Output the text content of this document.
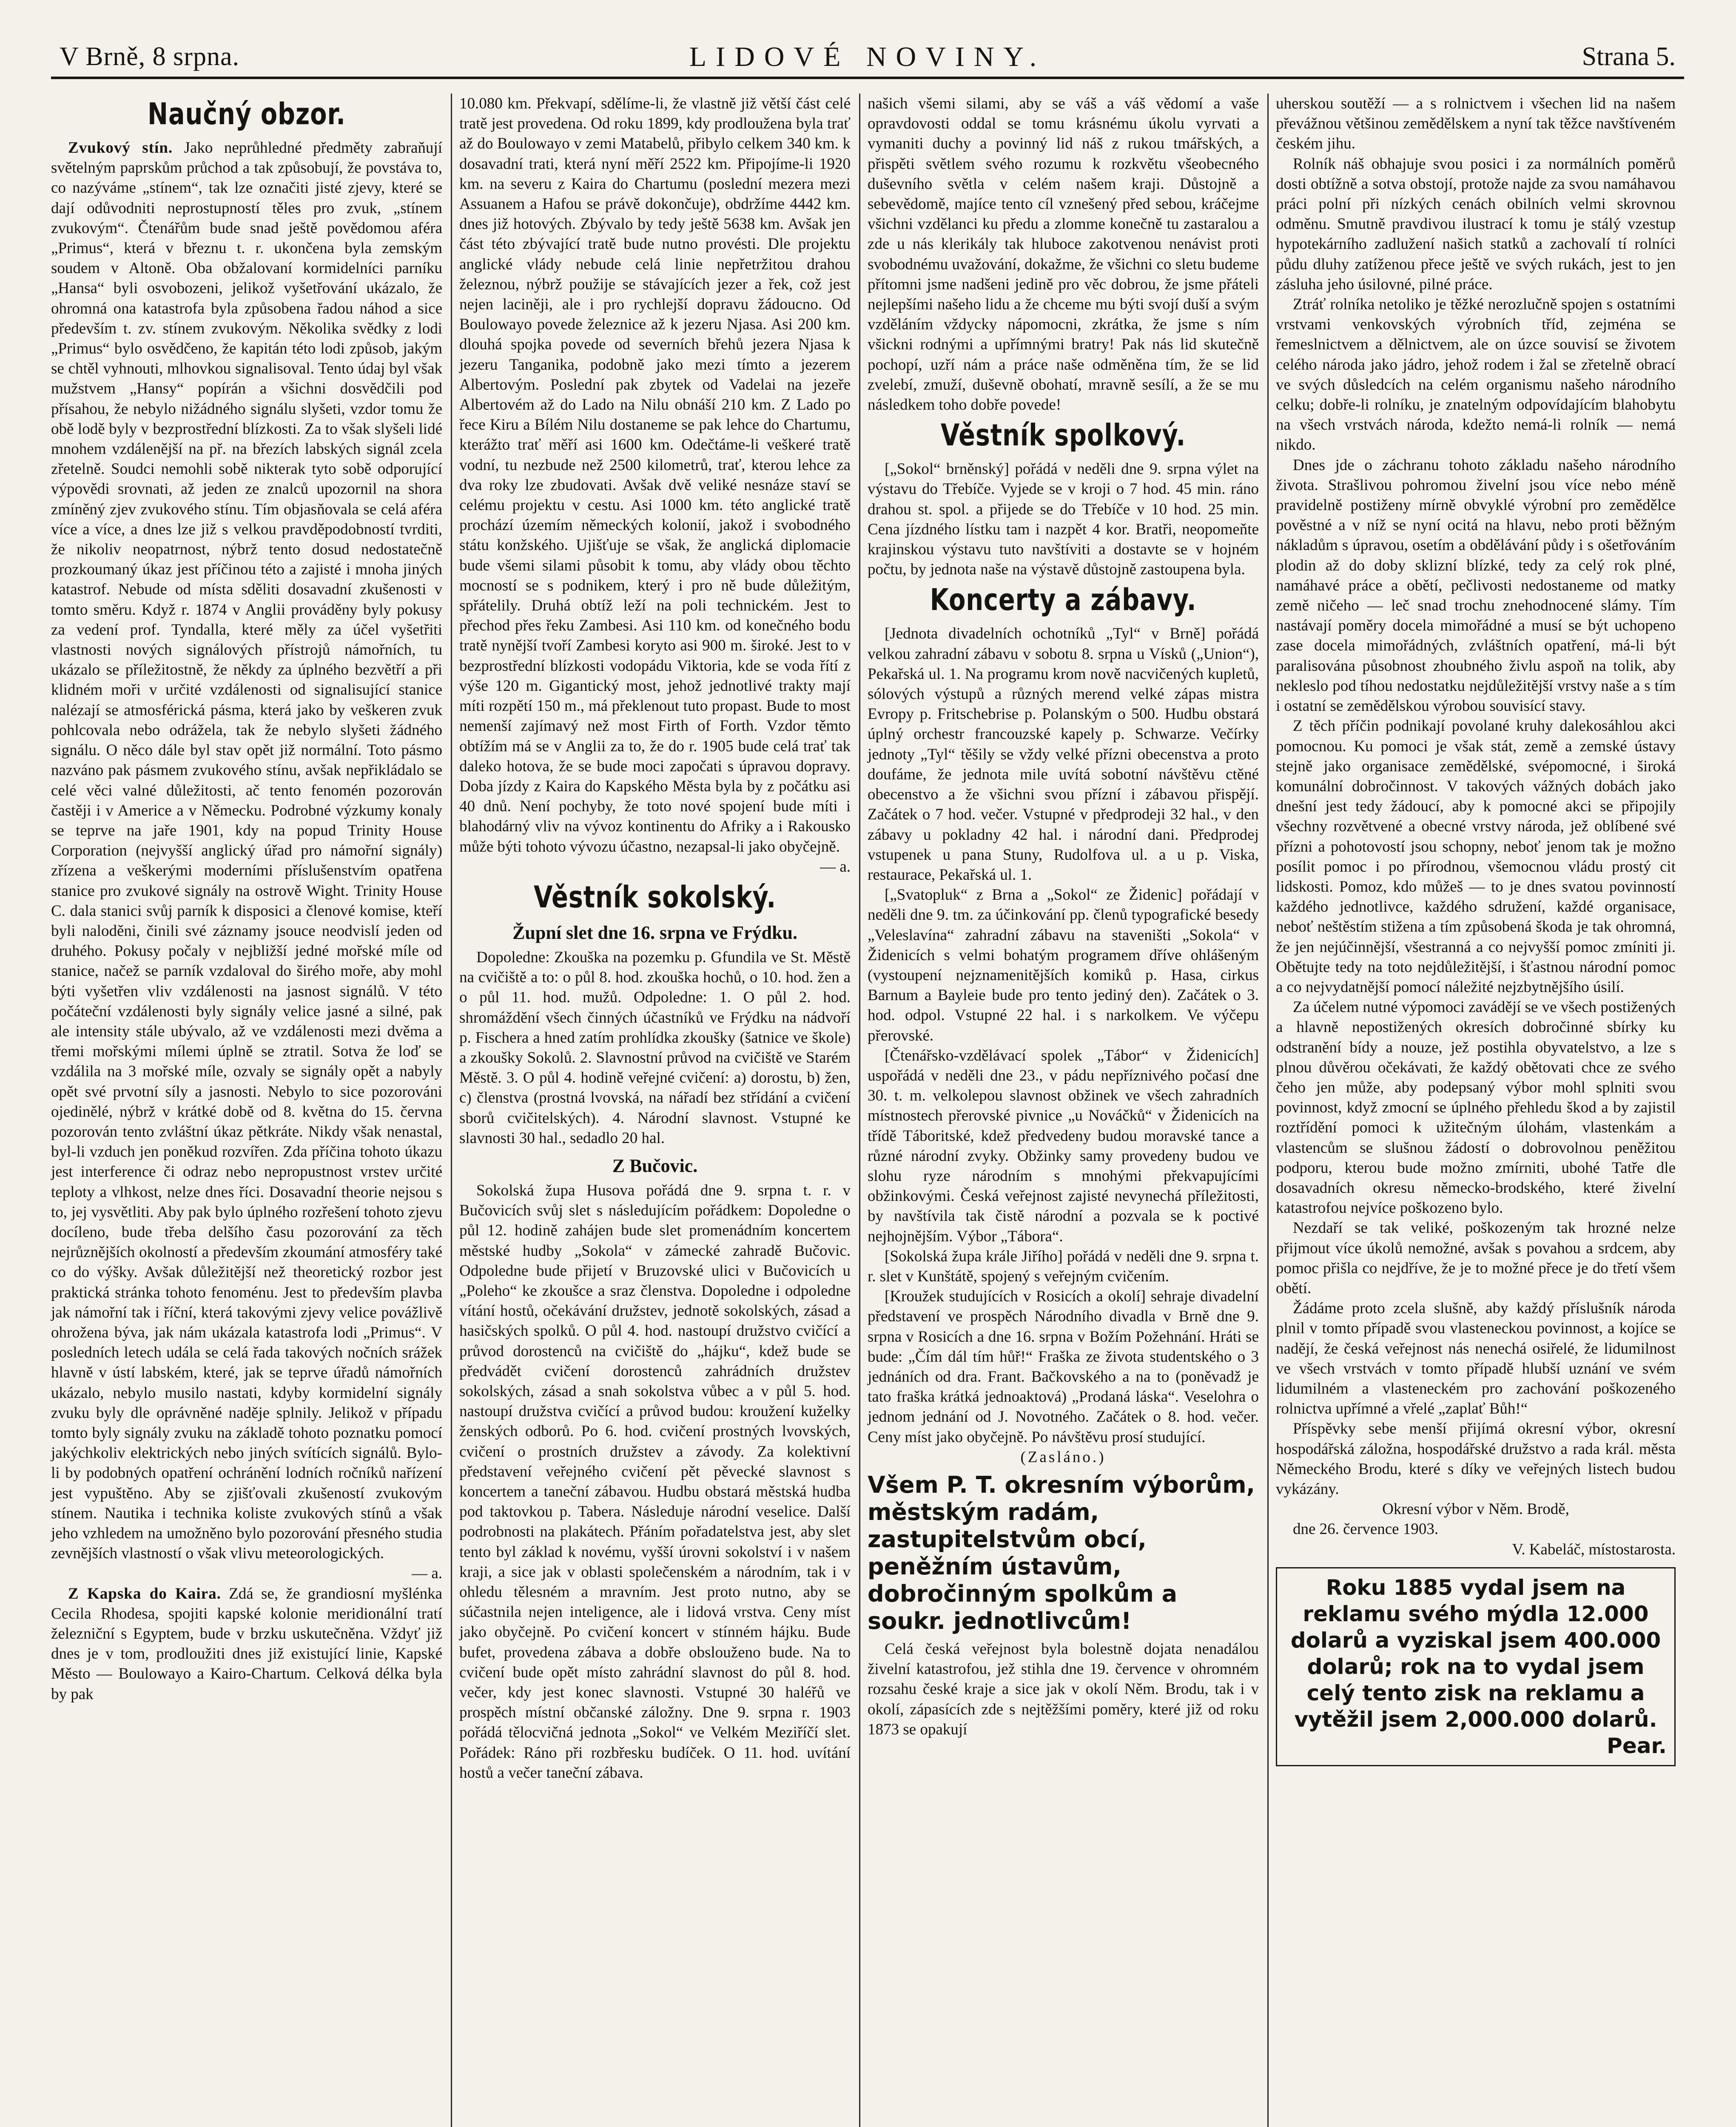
V Brně, 8 srpna.	LIDOVÉ NOVINY.	Strana 5.
Naučný obzor.

Zvukový stín. Jako neprůhledné předměty zabraňují světelným paprskům průchod a tak způsobují, že povstáva to, co nazýváme „stínem“, tak lze označiti jisté zjevy, které se dají odůvodniti neprostupností těles pro zvuk, „stínem zvukovým“. Čtenářům bude snad ještě povědomou aféra „Primus“, která v březnu t. r. ukončena byla zemským soudem v Altoně. Oba obžalovaní kormidelníci parníku „Hansa“ byli osvobozeni, jelikož vyšetřování ukázalo, že ohromná ona katastrofa byla způsobena řadou náhod a sice především t. zv. stínem zvukovým. Několika svědky z lodi „Primus“ bylo osvědčeno, že kapitán této lodi způsob, jakým se chtěl vyhnouti, mlhovkou signalisoval. Tento údaj byl však mužstvem „Hansy“ popírán a všichni dosvědčili pod přísahou, že nebylo nižádného signálu slyšeti, vzdor tomu že obě lodě byly v bezprostřední blízkosti. Za to však slyšeli lidé mnohem vzdálenější na př. na březích labských signál zcela zřetelně. Soudci nemohli sobě nikterak tyto sobě odporující výpovědi srovnati, až jeden ze znalců upozornil na shora zmíněný zjev zvukového stínu. Tím objasňovala se celá aféra více a více, a dnes lze již s velkou pravděpodobností tvrditi, že nikoliv neopatrnost, nýbrž tento dosud nedostatečně prozkoumaný úkaz jest příčinou této a zajisté i mnoha jiných katastrof. Nebude od místa sděliti dosavadní zkušenosti v tomto směru. Když r. 1874 v Anglii prováděny byly pokusy za vedení prof. Tyndalla, které měly za účel vyšetřiti vlastnosti nových signálových přístrojů námořních, tu ukázalo se příležitostně, že někdy za úplného bezvětří a při klidném moři v určité vzdálenosti od signalisující stanice nalézají se atmosférická pásma, která jako by veškeren zvuk pohlcovala nebo odrážela, tak že nebylo slyšeti žádného signálu. O něco dále byl stav opět již normální. Toto pásmo nazváno pak pásmem zvukového stínu, avšak nepřikládalo se celé věci valné důležitosti, ač tento fenomén pozorován častěji i v Americe a v Německu. Podrobné výzkumy konaly se teprve na jaře 1901, kdy na popud Trinity House Corporation (nejvyšší anglický úřad pro námořní signály) zřízena a veškerými moderními příslušenstvím opatřena stanice pro zvukové signály na ostrově Wight. Trinity House C. dala stanici svůj parník k disposici a členové komise, kteří byli naloděni, činili své záznamy jsouce neodvislí jeden od druhého. Pokusy počaly v nejbližší jedné mořské míle od stanice, načež se parník vzdaloval do širého moře, aby mohl býti vyšetřen vliv vzdálenosti na jasnost signálů. V této počáteční vzdálenosti byly signály velice jasné a silné, pak ale intensity stále ubývalo, až ve vzdálenosti mezi dvěma a třemi mořskými mílemi úplně se ztratil. Sotva že loď se vzdálila na 3 mořské míle, ozvaly se signály opět a nabyly opět své prvotní síly a jasnosti. Nebylo to sice pozorováni ojedinělé, nýbrž v krátké době od 8. května do 15. června pozorován tento zvláštní úkaz pětkráte. Nikdy však nenastal, byl-li vzduch jen poněkud rozvířen. Zda příčina tohoto úkazu jest interference či odraz nebo nepropustnost vrstev určité teploty a vlhkost, nelze dnes říci. Dosavadní theorie nejsou s to, jej vysvětliti. Aby pak bylo úplného rozřešení tohoto zjevu docíleno, bude třeba delšího času pozorování za těch nejrůznějších okolností a především zkoumání atmosféry také co do výšky. Avšak důležitější než theoretický rozbor jest praktická stránka tohoto fenoménu. Jest to především plavba jak námořní tak i říční, která takovými zjevy velice povážlivě ohrožena býva, jak nám ukázala katastrofa lodi „Primus“. V posledních letech udála se celá řada takových nočních srážek hlavně v ústí labském, které, jak se teprve úřadů námořních ukázalo, nebylo musilo nastati, kdyby kormidelní signály zvuku byly dle oprávněné naděje splnily. Jelikož v případu tomto byly signály zvuku na základě tohoto poznatku pomocí jakýchkoliv elektrických nebo jiných svítících signálů. Bylo-li by podobných opatření ochránění lodních ročníků nařízení jest vypuštěno. Aby se zjišťovali zkušeností zvukovým stínem. Nautika i technika koliste zvukových stínů a však jeho vzhledem na umožněno bylo pozorování přesného studia zevnějších vlastností o však vlivu meteorologických.

— a.

Z Kapska do Kaira. Zdá se, že grandiosní myšlénka Cecila Rhodesa, spojiti kapské kolonie meridionální tratí železniční s Egyptem, bude v brzku uskutečněna. Vždyť již dnes je v tom, prodloužiti dnes již existující linie, Kapské Město — Boulowayo a Kairo-Chartum. Celková délka byla by pak

10.080 km. Překvapí, sdělíme-li, že vlastně již větší část celé tratě jest provedena. Od roku 1899, kdy prodloužena byla trať až do Boulowayo v zemi Matabelů, přibylo celkem 340 km. k dosavadní trati, která nyní měří 2522 km. Připojíme-li 1920 km. na severu z Kaira do Chartumu (poslední mezera mezi Assuanem a Hafou se právě dokončuje), obdržíme 4442 km. dnes již hotových. Zbývalo by tedy ještě 5638 km. Avšak jen část této zbývající tratě bude nutno provésti. Dle projektu anglické vlády nebude celá linie nepřetržitou drahou železnou, nýbrž použije se stávajících jezer a řek, což jest nejen laciněji, ale i pro rychlejší dopravu žádoucno. Od Boulowayo povede železnice až k jezeru Njasa. Asi 200 km. dlouhá spojka povede od severních břehů jezera Njasa k jezeru Tanganika, podobně jako mezi tímto a jezerem Albertovým. Poslední pak zbytek od Vadelai na jezeře Albertovém až do Lado na Nilu obnáší 210 km. Z Lado po řece Kiru a Bílém Nilu dostaneme se pak lehce do Chartumu, kterážto trať měří asi 1600 km. Odečtáme-li veškeré tratě vodní, tu nezbude než 2500 kilometrů, trať, kterou lehce za dva roky lze zbudovati. Avšak dvě veliké nesnáze staví se celému projektu v cestu. Asi 1000 km. této anglické tratě prochází územím německých kolonií, jakož i svobodného státu konžského. Ujišťuje se však, že anglická diplomacie bude všemi silami působit k tomu, aby vlády obou těchto mocností se s podnikem, který i pro ně bude důležitým, spřátelily. Druhá obtíž leží na poli technickém. Jest to přechod přes řeku Zambesi. Asi 110 km. od konečného bodu tratě nynější tvoří Zambesi koryto asi 900 m. široké. Jest to v bezprostřední blízkosti vodopádu Viktoria, kde se voda řítí z výše 120 m. Gigantický most, jehož jednotlivé trakty mají míti rozpětí 150 m., má překlenout tuto propast. Bude to most nemenší zajímavý než most Firth of Forth. Vzdor těmto obtížím má se v Anglii za to, že do r. 1905 bude celá trať tak daleko hotova, že se bude moci započati s úpravou dopravy. Doba jízdy z Kaira do Kapského Města byla by z počátku asi 40 dnů. Není pochyby, že toto nové spojení bude míti i blahodárný vliv na vývoz kontinentu do Afriky a i Rakousko může býti tohoto vývozu účastno, nezapsal-li jako obyčejně.

— a.
Věstník sokolský.
Župní slet dne 16. srpna ve Frýdku.

Dopoledne: Zkouška na pozemku p. Gfundila ve St. Městě na cvičiště a to: o půl 8. hod. zkouška hochů, o 10. hod. žen a o půl 11. hod. mužů. Odpoledne: 1. O půl 2. hod. shromáždění všech činných účastníků ve Frýdku na nádvoří p. Fischera a hned zatím prohlídka zkoušky (šatnice ve škole) a zkoušky Sokolů. 2. Slavnostní průvod na cvičiště ve Starém Městě. 3. O půl 4. hodině veřejné cvičení: a) dorostu, b) žen, c) členstva (prostná lvovská, na nářadí bez střídání a cvičení sborů cvičitelských). 4. Národní slavnost. Vstupné ke slavnosti 30 hal., sedadlo 20 hal.

Z Bučovic.

Sokolská župa Husova pořádá dne 9. srpna t. r. v Bučovicích svůj slet s následujícím pořádkem: Dopoledne o půl 12. hodině zahájen bude slet promenádním koncertem městské hudby „Sokola“ v zámecké zahradě Bučovic. Odpoledne bude přijetí v Bruzovské ulici v Bučovicích u „Poleho“ ke zkoušce a sraz členstva. Dopoledne i odpoledne vítání hostů, očekávání družstev, jednotě sokolských, zásad a hasičských spolků. O půl 4. hod. nastoupí družstvo cvičící a průvod dorostenců na cvičiště do „hájku“, kdež bude se předvádět cvičení dorostenců zahrádních družstev sokolských, zásad a snah sokolstva vůbec a v půl 5. hod. nastoupí družstva cvičící a průvod budou: kroužení kuželky ženských odborů. Po 6. hod. cvičení prostných lvovských, cvičení o prostních družstev a závody. Za kolektivní představení veřejného cvičení pět pěvecké slavnost s koncertem a taneční zábavou. Hudbu obstará městská hudba pod taktovkou p. Tabera. Následuje národní veselice. Další podrobnosti na plakátech. Přáním pořadatelstva jest, aby slet tento byl základ k novému, vyšší úrovni sokolství i v našem kraji, a sice jak v oblasti společenském a národním, tak i v ohledu tělesném a mravním. Jest proto nutno, aby se súčastnila nejen inteligence, ale i lidová vrstva. Ceny míst jako obyčejně. Po cvičení koncert v stínném hájku. Bude bufet, provedena zábava a dobře obslouženo bude. Na to cvičení bude opět místo zahrádní slavnost do půl 8. hod. večer, kdy jest konec slavnosti. Vstupné 30 haléřů ve prospěch místní občanské záložny. Dne 9. srpna r. 1903 pořádá tělocvičná jednota „Sokol“ ve Velkém Meziříčí slet. Pořádek: Ráno při rozbřesku budíček. O 11. hod. uvítání hostů a večer taneční zábava.

našich všemi silami, aby se váš a váš vědomí a vaše opravdovosti oddal se tomu krásnému úkolu vyrvati a vymaniti duchy a povinný lid náš z rukou tmářských, a přispěti světlem svého rozumu k rozkvětu všeobecného duševního světla v celém našem kraji. Důstojně a sebevědomě, majíce tento cíl vznešený před sebou, kráčejme všichni vzdělanci ku předu a zlomme konečně tu zastaralou a zde u nás klerikály tak hluboce zakotvenou nenávist proti svobodnému uvažování, dokažme, že všichni co sletu budeme přítomni jsme nadšeni jedině pro věc dobrou, že jsme přáteli nejlepšími našeho lidu a že chceme mu býti svojí duší a svým vzděláním vždycky nápomocni, zkrátka, že jsme s ním všickni rodnými a upřímnými bratry! Pak nás lid skutečně pochopí, uzří nám a práce naše odměněna tím, že se lid zvelebí, zmuží, duševně obohatí, mravně sesílí, a že se mu následkem toho dobře povede!

Věstník spolkový.

[„Sokol“ brněnský] pořádá v neděli dne 9. srpna výlet na výstavu do Třebíče. Vyjede se v kroji o 7 hod. 45 min. ráno drahou st. spol. a přijede se do Třebíče v 10 hod. 25 min. Cena jízdného lístku tam i nazpět 4 kor. Bratři, neopomeňte krajinskou výstavu tuto navštíviti a dostavte se v hojném počtu, by jednota naše na výstavě důstojně zastoupena byla.

Koncerty a zábavy.

[Jednota divadelních ochotníků „Tyl“ v Brně] pořádá velkou zahradní zábavu v sobotu 8. srpna u Vísků („Union“), Pekařská ul. 1. Na programu krom nově nacvičených kupletů, sólových výstupů a různých merend velké zápas mistra Evropy p. Fritschebrise p. Polanským o 500. Hudbu obstará úplný orchestr francouzské kapely p. Schwarze. Večírky jednoty „Tyl“ těšily se vždy velké přízni obecenstva a proto doufáme, že jednota mile uvítá sobotní návštěvu ctěné obecenstvo a že všichni svou přízní i zábavou přispějí. Začátek o 7 hod. večer. Vstupné v předprodeji 32 hal., v den zábavy u pokladny 42 hal. i národní dani. Předprodej vstupenek u pana Stuny, Rudolfova ul. a u p. Viska, restaurace, Pekařská ul. 1.

[„Svatopluk“ z Brna a „Sokol“ ze Židenic] pořádají v neděli dne 9. tm. za účinkování pp. členů typografické besedy „Veleslavína“ zahradní zábavu na staveništi „Sokola“ v Židenicích s velmi bohatým programem dříve ohlášeným (vystoupení nejznamenitějších komiků p. Hasa, cirkus Barnum a Bayleie bude pro tento jediný den). Začátek o 3. hod. odpol. Vstupné 22 hal. i s narkolkem. Ve výčepu přerovské.

[Čtenářsko-vzdělávací spolek „Tábor“ v Židenicích] uspořádá v neděli dne 23., v pádu nepříznivého počasí dne 30. t. m. velkolepou slavnost obžinek ve všech zahradních místnostech přerovské pivnice „u Nováčků“ v Židenicích na třídě Táboritské, kdež předvedeny budou moravské tance a různé národní zvyky. Obžinky samy provedeny budou ve slohu ryze národním s mnohými překvapujícími obžinkovými. Česká veřejnost zajisté nevynechá příležitosti, by navštívila tak čistě národní a pozvala se k poctivé nejhojnějším. Výbor „Tábora“.

[Sokolská župa krále Jiřího] pořádá v neděli dne 9. srpna t. r. slet v Kunštátě, spojený s veřejným cvičením.

[Kroužek studujících v Rosicích a okolí] sehraje divadelní představení ve prospěch Národního divadla v Brně dne 9. srpna v Rosicích a dne 16. srpna v Božím Požehnání. Hráti se bude: „Čím dál tím hůř!“ Fraška ze života studentského o 3 jednáních od dra. Frant. Bačkovského a na to (poněvadž je tato fraška krátká jednoaktová) „Prodaná láska“. Veselohra o jednom jednání od J. Novotného. Začátek o 8. hod. večer. Ceny míst jako obyčejně. Po návštěvu prosí studující.

(Zasláno.)
Všem P. T. okresním výborům, městským radám, zastupitelstvům obcí, peněžním ústavům, dobročinným spolkům a soukr. jednotlivcům!

Celá česká veřejnost byla bolestně dojata nenadálou živelní katastrofou, jež stihla dne 19. července v ohromném rozsahu české kraje a sice jak v okolí Něm. Brodu, tak i v okolí, zápasících zde s nejtěžšími poměry, které již od roku 1873 se opakují

uherskou soutěží — a s rolnictvem i všechen lid na našem převážnou většinou zemědělskem a nyní tak těžce navštíveném českém jihu.

Rolník náš obhajuje svou posici i za normálních poměrů dosti obtížně a sotva obstojí, protože najde za svou namáhavou práci polní při nízkých cenách obilních velmi skrovnou odměnu. Smutně pravdivou ilustrací k tomu je stálý vzestup hypotekárního zadlužení našich statků a zachovalí tí rolníci půdu dluhy zatíženou přece ještě ve svých rukách, jest to jen zásluha jeho úsilovné, pilné práce.

Ztráť rolníka netoliko je těžké nerozlučně spojen s ostatními vrstvami venkovských výrobních tříd, zejména se řemeslnictvem a dělnictvem, ale on úzce souvisí se životem celého národa jako jádro, jehož rodem i žal se zřetelně obrací ve svých důsledcích na celém organismu našeho národního celku; dobře-li rolníku, je znatelným odpovídajícím blahobytu na všech vrstvách národa, kdežto nemá-li rolník — nemá nikdo.

Dnes jde o záchranu tohoto základu našeho národního života. Strašlivou pohromou živelní jsou více nebo méně pravidelně postiženy mírně obvyklé výrobní pro zemědělce pověstné a v níž se nyní ocitá na hlavu, nebo proti běžným nákladům s úpravou, osetím a obdělávání půdy i s ošetřováním plodin až do doby sklizní blízké, tedy za celý rok plné, namáhavé práce a obětí, pečlivosti nedostaneme od matky země ničeho — leč snad trochu znehodnocené slámy. Tím nastávají poměry docela mimořádné a musí se být uchopeno zase docela mimořádných, zvláštních opatření, má-li být paralisována působnost zhoubného živlu aspoň na tolik, aby nekleslo pod tíhou nedostatku nejdůležitější vrstvy naše a s tím i ostatní se zemědělskou výrobou souvisící stavy.

Z těch příčin podnikají povolané kruhy dalekosáhlou akci pomocnou. Ku pomoci je však stát, země a zemské ústavy stejně jako organisace zemědělské, svépomocné, i široká komunální dobročinnost. V takových vážných dobách jako dnešní jest tedy žádoucí, aby k pomocné akci se připojily všechny rozvětvené a obecné vrstvy národa, jež oblíbené své přízni a pohotovostí jsou schopny, neboť jenom tak je možno posílit pomoc i po přírodnou, všemocnou vládu prostý cit lidskosti. Pomoz, kdo můžeš — to je dnes svatou povinností každého jednotlivce, každého sdružení, každé organisace, neboť neštěstím stižena a tím způsobená škoda je tak ohromná, že jen nejúčinnější, všestranná a co nejvyšší pomoc zmíniti ji. Obětujte tedy na toto nejdůležitější, i šťastnou národní pomoc a co nejvydatnější pomocí náležité nejzbytnějšího úsilí.

Za účelem nutné výpomoci zavádějí se ve všech postižených a hlavně nepostižených okresích dobročinné sbírky ku odstranění bídy a nouze, jež postihla obyvatelstvo, a lze s plnou důvěrou očekávati, že každý obětovati chce ze svého čeho jen může, aby podepsaný výbor mohl splniti svou povinnost, když zmocní se úplného přehledu škod a by zajistil roztřídění pomoci k užitečným úlohám, vlastenkám a vlastencům se slušnou žádostí o dobrovolnou peněžitou podporu, kterou bude možno zmírniti, ubohé Tatře dle dosavadních okresu německo-brodského, které živelní katastrofou nejvíce poškozeno bylo.

Nezdaří se tak veliké, poškozeným tak hrozné nelze přijmout více úkolů nemožné, avšak s povahou a srdcem, aby pomoc přišla co nejdříve, že je to možné přece je do třetí všem obětí.

Žádáme proto zcela slušně, aby každý příslušník národa plnil v tomto případě svou vlasteneckou povinnost, a kojíce se nadějí, že česká veřejnost nás nenechá osiřelé, že lidumilnost ve všech vrstvách v tomto případě hlubší uznání ve svém lidumilném a vlasteneckém pro zachování poškozeného rolnictva upřímné a vřelé „zaplať Bůh!“

Příspěvky sebe menší přijímá okresní výbor, okresní hospodářská záložna, hospodářské družstvo a rada král. města Německého Brodu, které s díky ve veřejných listech budou vykázány.

Okresní výbor v Něm. Brodě,
dne 26. července 1903.
V. Kabeláč, místostarosta.
Roku 1885 vydal jsem na reklamu svého mýdla 12.000 dolarů a vyziskal jsem 400.000 dolarů; rok na to vydal jsem celý tento zisk na reklamu a vytěžil jsem 2,000.000 dolarů.
Pear.
